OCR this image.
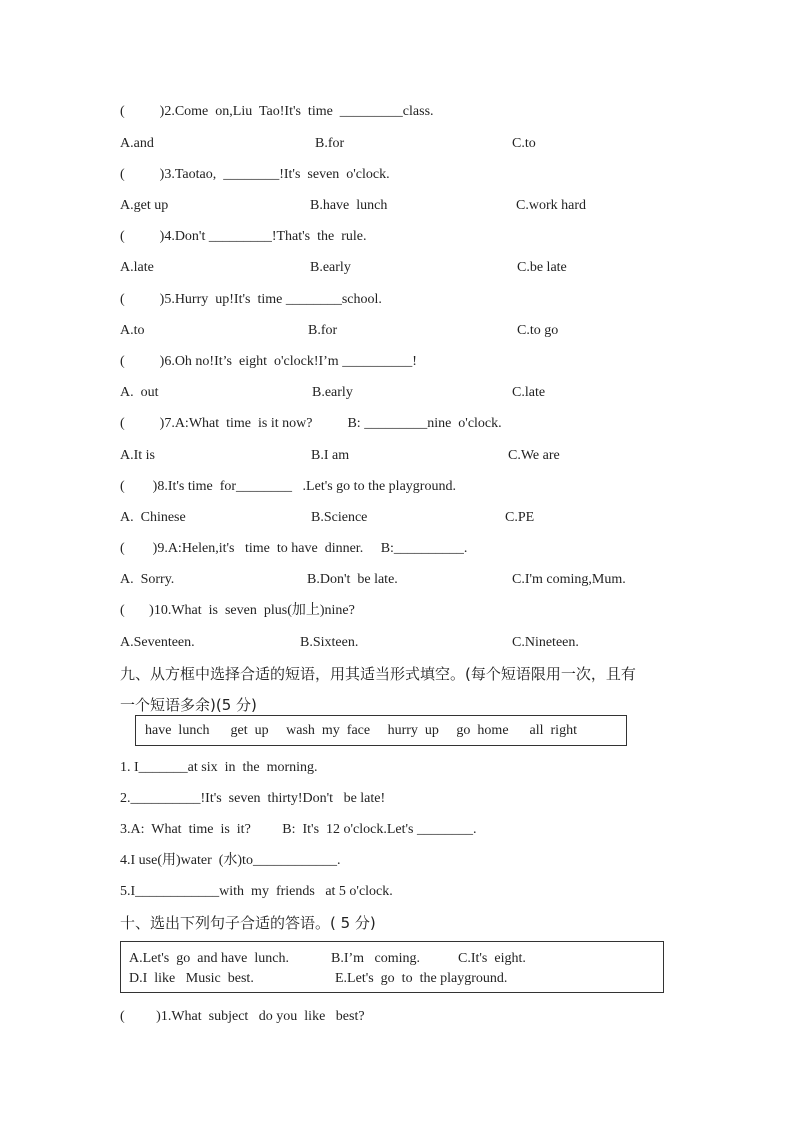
(          )2.Come  on,Liu  Tao!It's  time  _________class.
A.and	B.for	C.to
(          )3.Taotao,  ________!It's  seven  o'clock.
A.get up	B.have  lunch	C.work hard
(          )4.Don't _________!That's  the  rule.
A.late	B.early	C.be late
(          )5.Hurry  up!It's  time ________school.
A.to	B.for	C.to go
(          )6.Oh no!It’s  eight  o'clock!I’m __________!
A.  out	B.early	C.late
(          )7.A:What  time  is it now?          B: _________nine  o'clock.
A.It is	B.I am	C.We are
(        )8.It's time  for________   .Let's go to the playground.
A.  Chinese	B.Science	C.PE
(        )9.A:Helen,it's   time  to have  dinner.     B:__________.
A.  Sorry.	B.Don't  be late.	C.I'm coming,Mum.
(       )10.What  is  seven  plus(加上)nine?
A.Seventeen.	B.Sixteen.	C.Nineteen.
九、从方框中选择合适的短语，用其适当形式填空。(每个短语限用一次，且有
一个短语多余)(5 分)
have  lunch      get  up     wash  my  face     hurry  up     go  home      all  right
1. I_______at six  in  the  morning.
2.__________!It's  seven  thirty!Don't   be late!
3.A:  What  time  is  it?         B:  It's  12 o'clock.Let's ________.
4.I use(用)water  (水)to____________.
5.I____________with  my  friends   at 5 o'clock.
十、选出下列句子合适的答语。( 5 分)
A.Let's  go  and have  lunch.	B.I’m   coming.	C.It's  eight.
D.I  like   Music  best.	E.Let's  go  to  the playground.
(         )1.What  subject   do you  like   best?
